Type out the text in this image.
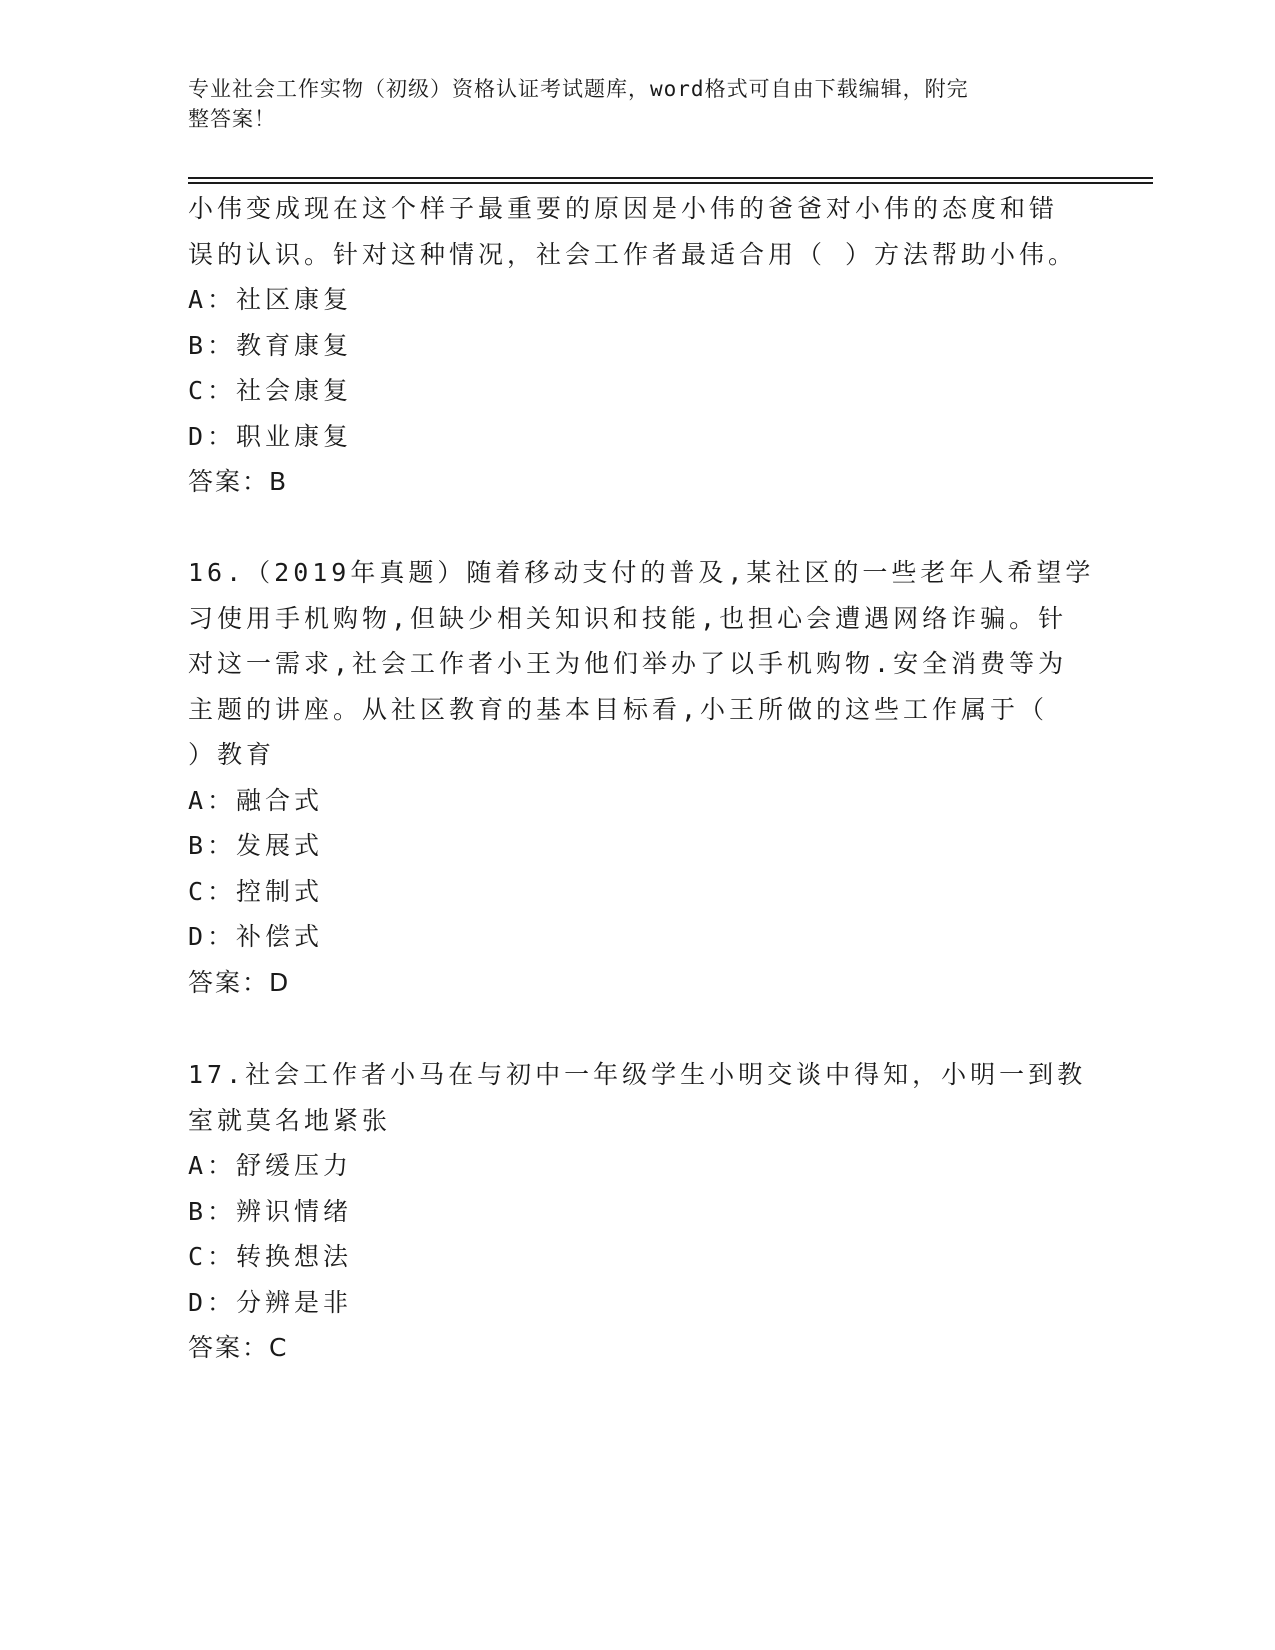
专业社会工作实物（初级）资格认证考试题库，word格式可自由下载编辑，附完
整答案！
小伟变成现在这个样子最重要的原因是小伟的爸爸对小伟的态度和错
误的认识。针对这种情况，社会工作者最适合用（ ）方法帮助小伟。
A：社区康复
B：教育康复
C：社会康复
D：职业康复
答案：B
16.（2019年真题）随着移动支付的普及,某社区的一些老年人希望学
习使用手机购物,但缺少相关知识和技能,也担心会遭遇网络诈骗。针
对这一需求,社会工作者小王为他们举办了以手机购物.安全消费等为
主题的讲座。从社区教育的基本目标看,小王所做的这些工作属于（
）教育
A：融合式
B：发展式
C：控制式
D：补偿式
答案：D
17.社会工作者小马在与初中一年级学生小明交谈中得知，小明一到教
室就莫名地紧张
A：舒缓压力
B：辨识情绪
C：转换想法
D：分辨是非
答案：C
